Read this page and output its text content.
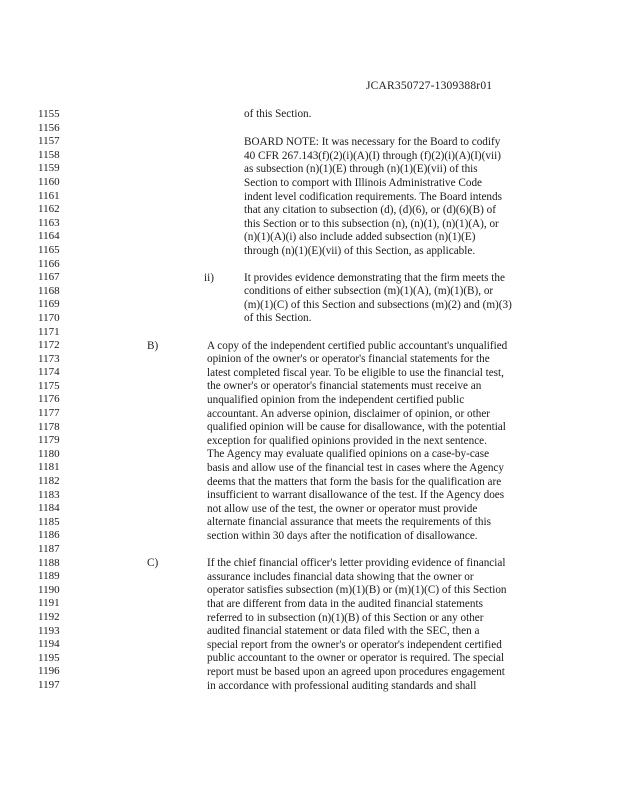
JCAR350727-1309388r01
1155
1156
1157
1158
1159
1160
1161
1162
1163
1164
1165
1166
1167
1168
1169
1170
1171
1172
1173
1174
1175
1176
1177
1178
1179
1180
1181
1182
1183
1184
1185
1186
1187
1188
1189
1190
1191
1192
1193
1194
1195
1196
1197
ii)
B)
C)
of this Section.
BOARD NOTE: It was necessary for the Board to codify
40 CFR 267.143(f)(2)(i)(A)(I) through (f)(2)(i)(A)(I)(vii)
as subsection (n)(1)(E) through (n)(1)(E)(vii) of this
Section to comport with Illinois Administrative Code
indent level codification requirements. The Board intends
that any citation to subsection (d), (d)(6), or (d)(6)(B) of
this Section or to this subsection (n), (n)(1), (n)(1)(A), or
(n)(1)(A)(i) also include added subsection (n)(1)(E)
through (n)(1)(E)(vii) of this Section, as applicable.
It provides evidence demonstrating that the firm meets the
conditions of either subsection (m)(1)(A), (m)(1)(B), or
(m)(1)(C) of this Section and subsections (m)(2) and (m)(3)
of this Section.
A copy of the independent certified public accountant's unqualified
opinion of the owner's or operator's financial statements for the
latest completed fiscal year. To be eligible to use the financial test,
the owner's or operator's financial statements must receive an
unqualified opinion from the independent certified public
accountant. An adverse opinion, disclaimer of opinion, or other
qualified opinion will be cause for disallowance, with the potential
exception for qualified opinions provided in the next sentence.
The Agency may evaluate qualified opinions on a case-by-case
basis and allow use of the financial test in cases where the Agency
deems that the matters that form the basis for the qualification are
insufficient to warrant disallowance of the test. If the Agency does
not allow use of the test, the owner or operator must provide
alternate financial assurance that meets the requirements of this
section within 30 days after the notification of disallowance.
If the chief financial officer's letter providing evidence of financial
assurance includes financial data showing that the owner or
operator satisfies subsection (m)(1)(B) or (m)(1)(C) of this Section
that are different from data in the audited financial statements
referred to in subsection (n)(1)(B) of this Section or any other
audited financial statement or data filed with the SEC, then a
special report from the owner's or operator's independent certified
public accountant to the owner or operator is required. The special
report must be based upon an agreed upon procedures engagement
in accordance with professional auditing standards and shall
